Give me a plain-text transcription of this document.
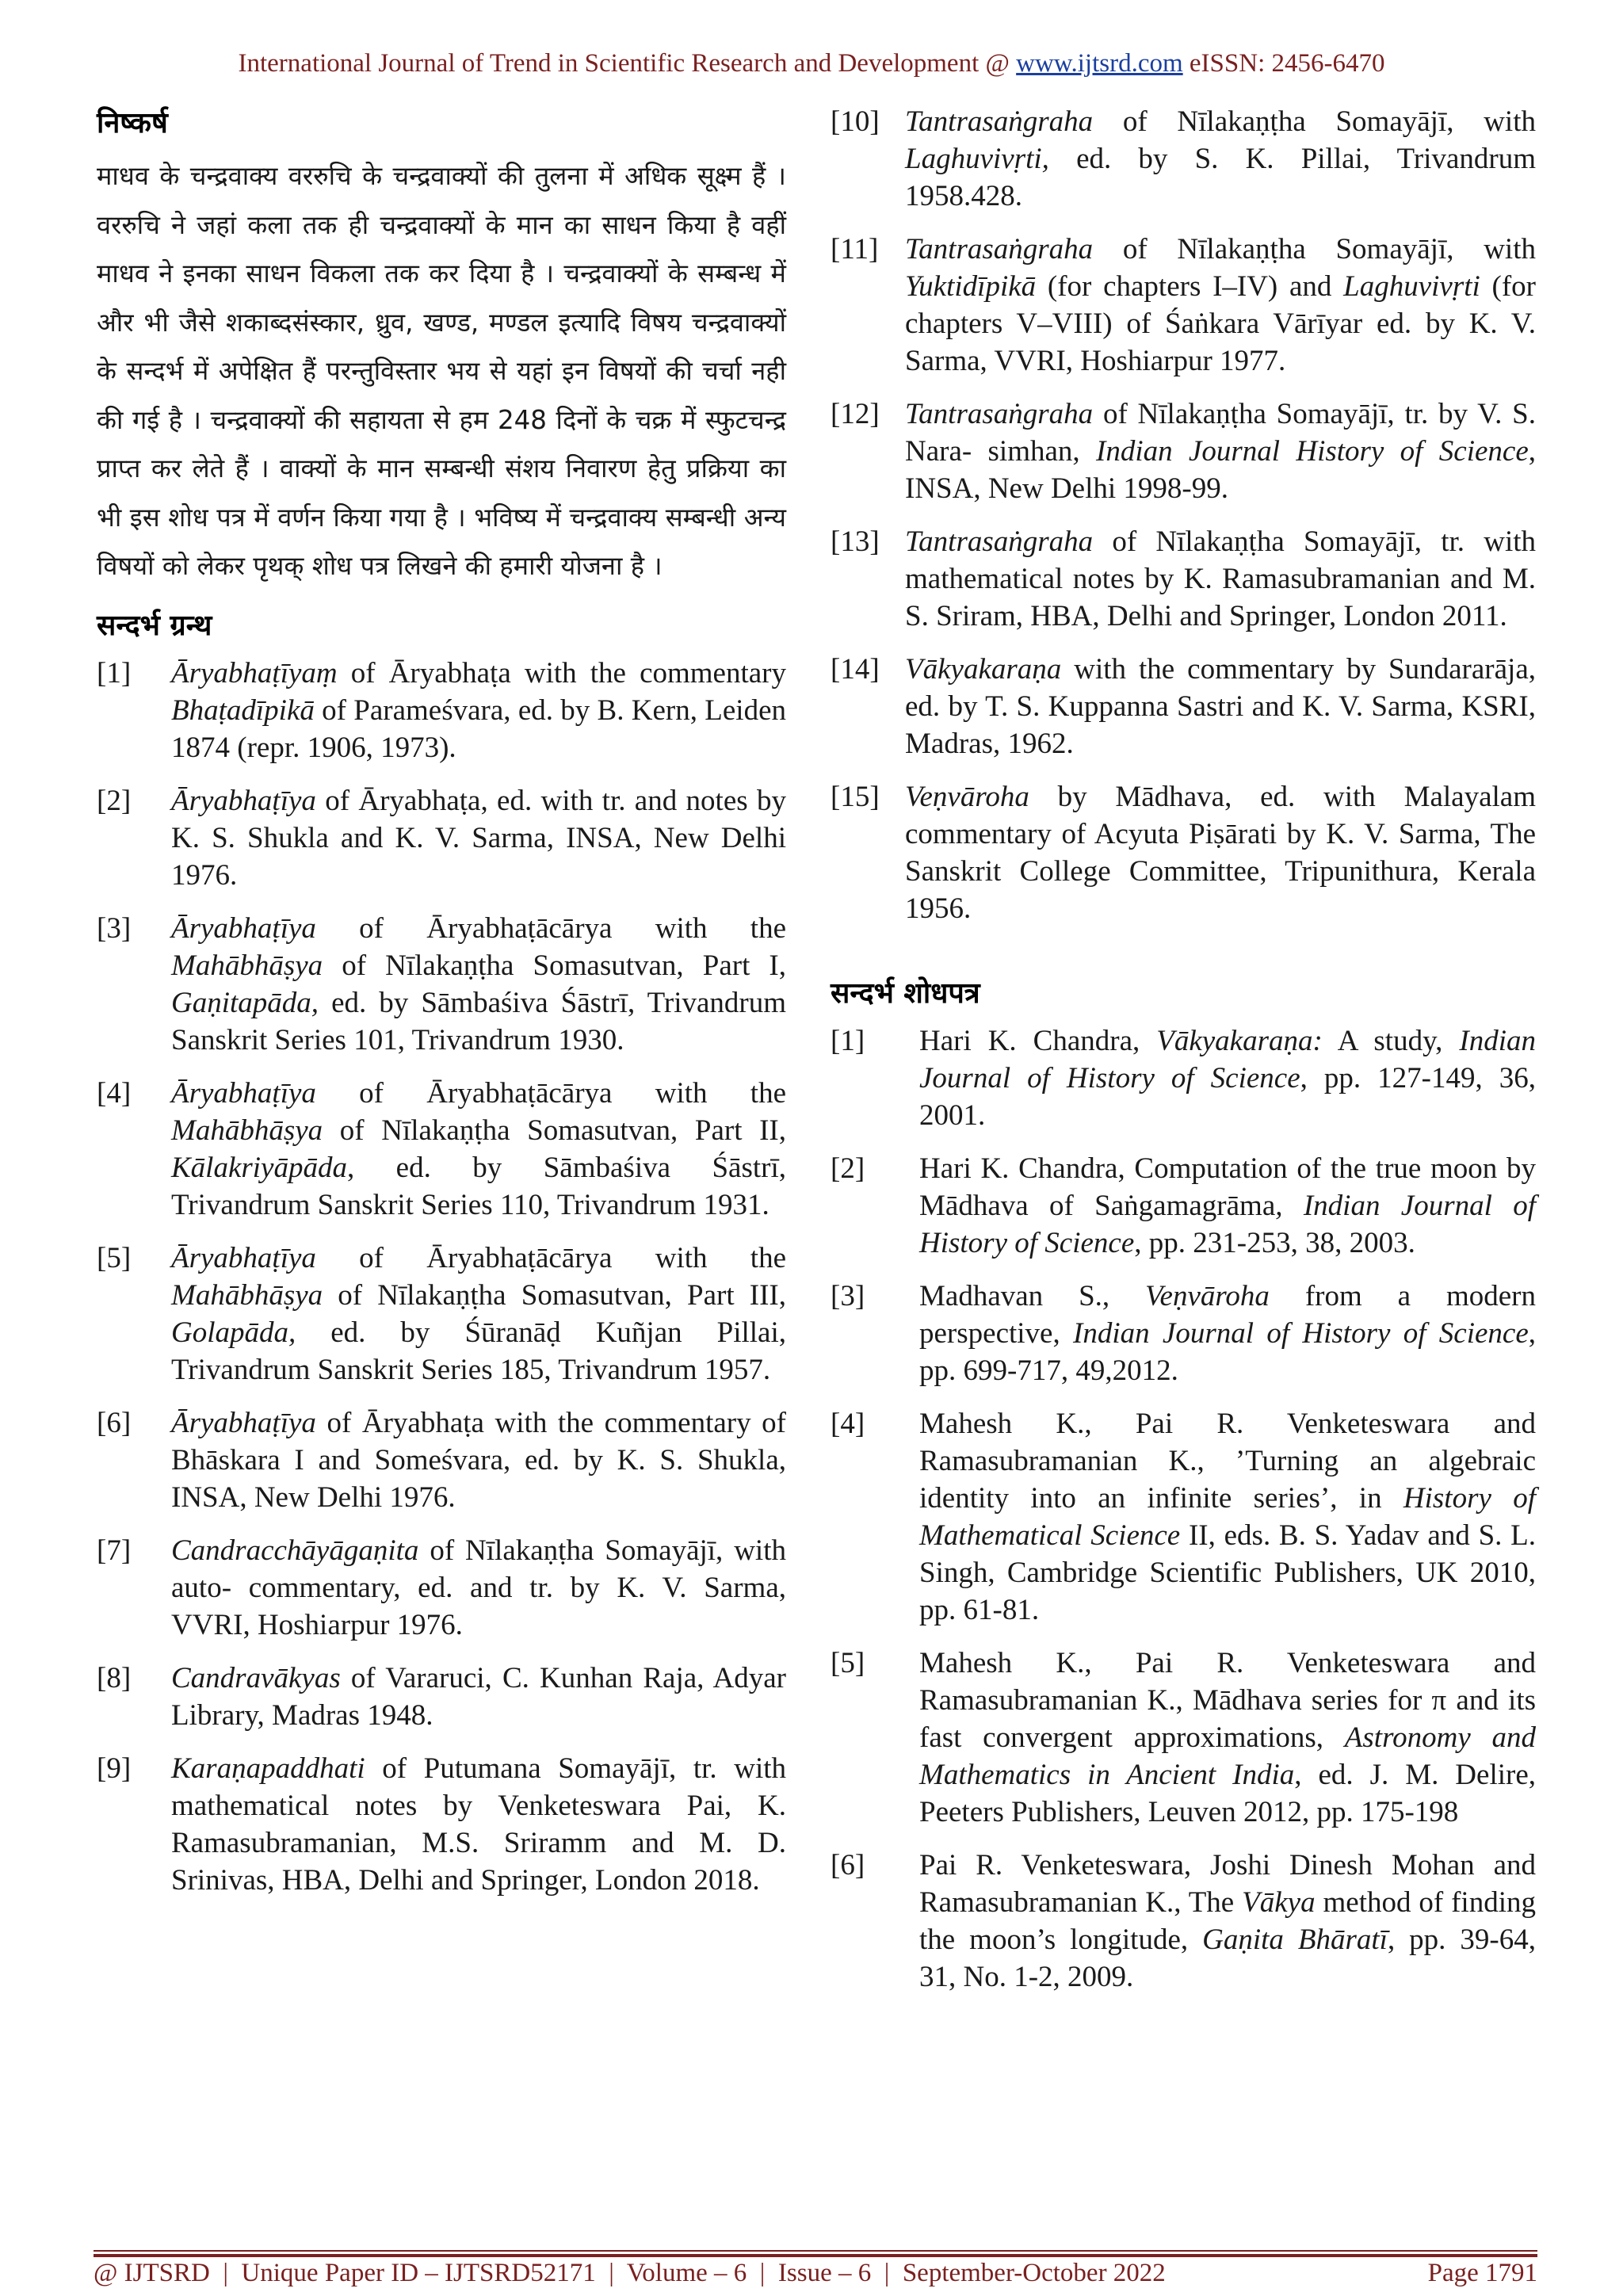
International Journal of Trend in Scientific Research and Development @ www.ijtsrd.com eISSN: 2456-6470
निष्कर्ष

माधव के चन्द्रवाक्य वररुचि के चन्द्रवाक्यों की तुलना में अधिक सूक्ष्म हैं । वररुचि ने जहां कला तक ही चन्द्रवाक्यों के मान का साधन किया है वहीं माधव ने इनका साधन विकला तक कर दिया है । चन्द्रवाक्यों के सम्बन्ध में और भी जैसे शकाब्दसंस्कार, ध्रुव, खण्ड, मण्डल इत्यादि विषय चन्द्रवाक्यों के सन्दर्भ में अपेक्षित हैं परन्तुविस्तार भय से यहां इन विषयों की चर्चा नही की गई है । चन्द्रवाक्यों की सहायता से हम 248 दिनों के चक्र में स्फुटचन्द्र प्राप्त कर लेते हैं । वाक्यों के मान सम्बन्धी संशय निवारण हेतु प्रक्रिया का भी इस शोध पत्र में वर्णन किया गया है । भविष्य में चन्द्रवाक्य सम्बन्धी अन्य विषयों को लेकर पृथक् शोध पत्र लिखने की हमारी योजना है ।

सन्दर्भ ग्रन्थ
[1] Āryabhaṭīyaṃ of Āryabhaṭa with the commentary Bhaṭadīpikā of Parameśvara, ed. by B. Kern, Leiden 1874 (repr. 1906, 1973).
[2] Āryabhaṭīya of Āryabhaṭa, ed. with tr. and notes by K. S. Shukla and K. V. Sarma, INSA, New Delhi 1976.
[3] Āryabhaṭīya of Āryabhaṭācārya with the Mahābhāṣya of Nīlakaṇṭha Somasutvan, Part I, Gaṇitapāda, ed. by Sāmbaśiva Śāstrī, Trivandrum Sanskrit Series 101, Trivandrum 1930.
[4] Āryabhaṭīya of Āryabhaṭācārya with the Mahābhāṣya of Nīlakaṇṭha Somasutvan, Part II, Kālakriyāpāda, ed. by Sāmbaśiva Śāstrī, Trivandrum Sanskrit Series 110, Trivandrum 1931.
[5] Āryabhaṭīya of Āryabhaṭācārya with the Mahābhāṣya of Nīlakaṇṭha Somasutvan, Part III, Golapāda, ed. by Śūranāḍ Kuñjan Pillai, Trivandrum Sanskrit Series 185, Trivandrum 1957.
[6] Āryabhaṭīya of Āryabhaṭa with the commentary of Bhāskara I and Someśvara, ed. by K. S. Shukla, INSA, New Delhi 1976.
[7] Candracchāyāgaṇita of Nīlakaṇṭha Somayājī, with auto- commentary, ed. and tr. by K. V. Sarma, VVRI, Hoshiarpur 1976.
[8] Candravākyas of Vararuci, C. Kunhan Raja, Adyar Library, Madras 1948.
[9] Karaṇapaddhati of Putumana Somayājī, tr. with mathematical notes by Venketeswara Pai, K. Ramasubramanian, M.S. Sriramm and M. D. Srinivas, HBA, Delhi and Springer, London 2018.
[10] Tantrasaṅgraha of Nīlakaṇṭha Somayājī, with Laghuvivṛti, ed. by S. K. Pillai, Trivandrum 1958.428.
[11] Tantrasaṅgraha of Nīlakaṇṭha Somayājī, with Yuktidīpikā (for chapters I–IV) and Laghuvivṛti (for chapters V–VIII) of Śaṅkara Vārīyar ed. by K. V. Sarma, VVRI, Hoshiarpur 1977.
[12] Tantrasaṅgraha of Nīlakaṇṭha Somayājī, tr. by V. S. Nara- simhan, Indian Journal History of Science, INSA, New Delhi 1998-99.
[13] Tantrasaṅgraha of Nīlakaṇṭha Somayājī, tr. with mathematical notes by K. Ramasubramanian and M. S. Sriram, HBA, Delhi and Springer, London 2011.
[14] Vākyakaraṇa with the commentary by Sundararāja, ed. by T. S. Kuppanna Sastri and K. V. Sarma, KSRI, Madras, 1962.
[15] Veṇvāroha by Mādhava, ed. with Malayalam commentary of Acyuta Piṣārati by K. V. Sarma, The Sanskrit College Committee, Tripunithura, Kerala 1956.
सन्दर्भ शोधपत्र
[1] Hari K. Chandra, Vākyakaraṇa: A study, Indian Journal of History of Science, pp. 127-149, 36, 2001.
[2] Hari K. Chandra, Computation of the true moon by Mādhava of Saṅgamagrāma, Indian Journal of History of Science, pp. 231-253, 38, 2003.
[3] Madhavan S., Veṇvāroha from a modern perspective, Indian Journal of History of Science, pp. 699-717, 49,2012.
[4] Mahesh K., Pai R. Venketeswara and Ramasubramanian K., ’Turning an algebraic identity into an infinite series’, in History of Mathematical Science II, eds. B. S. Yadav and S. L. Singh, Cambridge Scientific Publishers, UK 2010, pp. 61-81.
[5] Mahesh K., Pai R. Venketeswara and Ramasubramanian K., Mādhava series for π and its fast convergent approximations, Astronomy and Mathematics in Ancient India, ed. J. M. Delire, Peeters Publishers, Leuven 2012, pp. 175-198
[6] Pai R. Venketeswara, Joshi Dinesh Mohan and Ramasubramanian K., The Vākya method of finding the moon’s longitude, Gaṇita Bhāratī, pp. 39-64, 31, No. 1-2, 2009.
@ IJTSRD  |  Unique Paper ID – IJTSRD52171  |  Volume – 6  |  Issue – 6  |  September-October 2022	Page 1791
